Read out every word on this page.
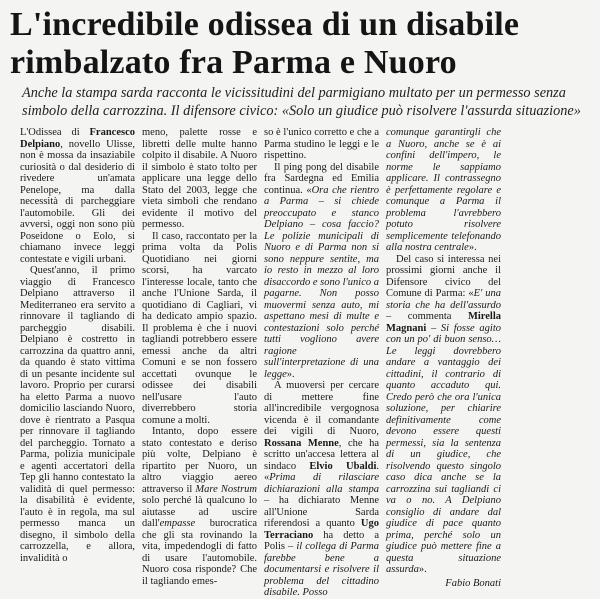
L'incredibile odissea di un disabile
rimbalzato fra Parma e Nuoro

Anche la stampa sarda racconta le vicissitudini del parmigiano multato per un permesso senza simbolo della carrozzina. Il difensore civico: «Solo un giudice può risolvere l'assurda situazione»

L'Odissea di Francesco Delpiano, novello Ulisse, non è mossa da insaziabile curiosità o dal desiderio di rivedere un'amata Penelope, ma dalla necessità di parcheggiare l'automobile. Gli dei avversi, oggi non sono più Poseidone o Eolo, si chiamano invece leggi contestate e vigili urbani.

Quest'anno, il primo viaggio di Francesco Delpiano attraverso il Mediterraneo era servito a rinnovare il tagliando di parcheggio disabili. Delpiano è costretto in carrozzina da quattro anni, da quando è stato vittima di un pesante incidente sul lavoro. Proprio per curarsi ha eletto Parma a nuovo domicilio lasciando Nuoro, dove è rientrato a Pasqua per rinnovare il tagliando del parcheggio. Tornato a Parma, polizia municipale e agenti accertatori della Tep gli hanno contestato la validità di quel permesso: la disabilità è evidente, l'auto è in regola, ma sul permesso manca un disegno, il simbolo della carrozzella, e allora, invalidità o

meno, palette rosse e libretti delle multe hanno colpito il disabile. A Nuoro il simbolo è stato tolto per applicare una legge dello Stato del 2003, legge che vieta simboli che rendano evidente il motivo del permesso.

Il caso, raccontato per la prima volta da Polis Quotidiano nei giorni scorsi, ha varcato l'interesse locale, tanto che anche l'Unione Sarda, il quotidiano di Cagliari, vi ha dedicato ampio spazio. Il problema è che i nuovi tagliandi potrebbero essere emessi anche da altri Comuni e se non fossero accettati ovunque le odissee dei disabili nell'usare l'auto diverrebbero storia comune a molti.

Intanto, dopo essere stato contestato e deriso più volte, Delpiano è ripartito per Nuoro, un altro viaggio aereo attraverso il Mare Nostrum solo perché là qualcuno lo aiutasse ad uscire dall'empasse burocratica che gli sta rovinando la vita, impedendogli di fatto di usare l'automobile. Nuoro cosa risponde? Che il tagliando emes-

so è l'unico corretto e che a Parma studino le leggi e le rispettino.

Il ping pong del disabile fra Sardegna ed Emilia continua. «Ora che rientro a Parma – si chiede preoccupato e stanco Delpiano – cosa faccio? Le polizie municipali di Nuoro e di Parma non si sono neppure sentite, ma io resto in mezzo al loro disaccordo e sono l'unico a pagarne. Non posso muovermi senza auto, mi aspettano mesi di multe e contestazioni solo perché tutti vogliono avere ragione sull'interpretazione di una legge».

A muoversi per cercare di mettere fine all'incredibile vergognosa vicenda è il comandante dei vigili di Nuoro, Rossana Menne, che ha scritto un'accesa lettera al sindaco Elvio Ubaldi. «Prima di rilasciare dichiarazioni alla stampa – ha dichiarato Menne all'Unione Sarda riferendosi a quanto Ugo Terraciano ha detto a Polis – il collega di Parma farebbe bene a documentarsi e risolvere il problema del cittadino disabile. Posso

comunque garantirgli che a Nuoro, anche se è ai confini dell'impero, le norme le sappiamo applicare. Il contrassegno è perfettamente regolare e comunque a Parma il problema l'avrebbero potuto risolvere semplicemente telefonando alla nostra centrale».

Del caso si interessa nei prossimi giorni anche il Difensore civico del Comune di Parma: «E' una storia che ha dell'assurdo – commenta Mirella Magnani – Si fosse agito con un po' di buon senso… Le leggi dovrebbero andare a vantaggio dei cittadini, il contrario di quanto accaduto qui. Credo però che ora l'unica soluzione, per chiarire definitivamente come devono essere questi permessi, sia la sentenza di un giudice, che risolvendo questo singolo caso dica anche se la carrozzina sui tagliandi ci va o no. A Delpiano consiglio di andare dal giudice di pace quanto prima, perché solo un giudice può mettere fine a questa situazione assurda».

Fabio Bonati
